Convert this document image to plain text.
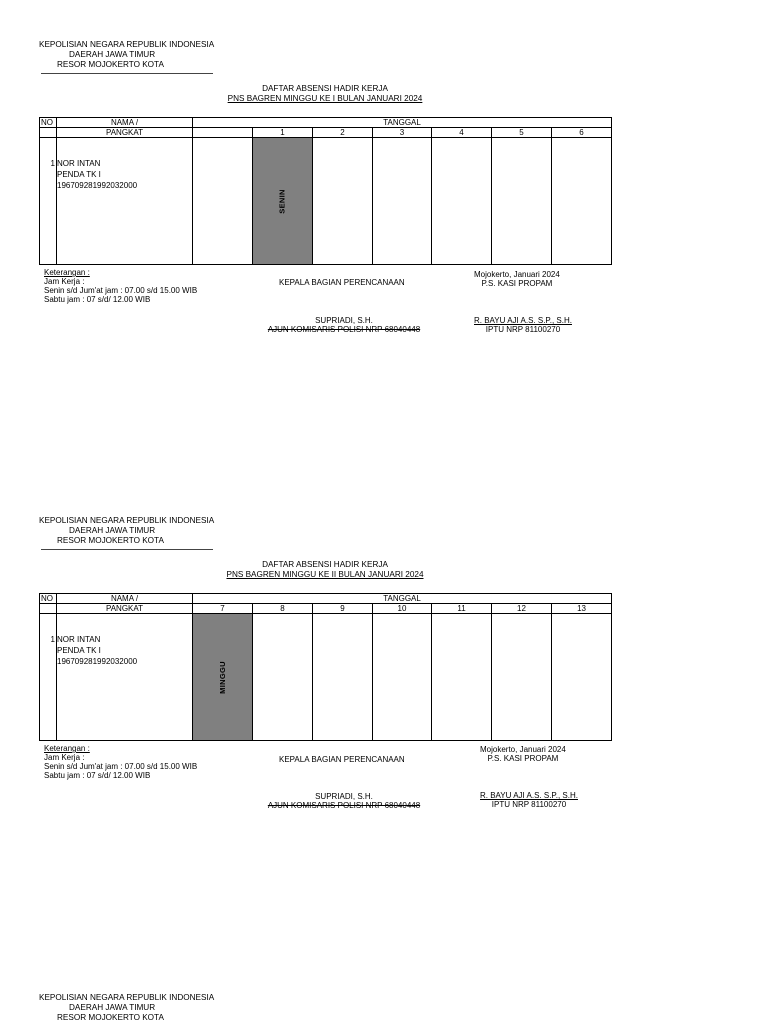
KEPOLISIAN NEGARA REPUBLIK INDONESIA
DAERAH JAWA TIMUR
RESOR MOJOKERTO KOTA
DAFTAR ABSENSI HADIR KERJA
PNS BAGREN MINGGU KE I BULAN JANUARI 2024
NO	NAMA /	TANGGAL						
	PANGKAT		1	2	3	4	5	6
1	NOR INTAN
PENDA TK I
196709281992032000		SENIN					
Keterangan :
Jam Kerja :
Senin s/d Jum'at jam : 07.00 s/d 15.00 WIB
Sabtu jam : 07 s/d/ 12.00 WIB
KEPALA BAGIAN PERENCANAAN
SUPRIADI, S.H.
AJUN KOMISARIS POLISI NRP 68040448
Mojokerto, Januari 2024
P.S. KASI PROPAM
R. BAYU AJI A.S. S.P., S.H.
IPTU NRP 81100270
KEPOLISIAN NEGARA REPUBLIK INDONESIA
DAERAH JAWA TIMUR
RESOR MOJOKERTO KOTA
DAFTAR ABSENSI HADIR KERJA
PNS BAGREN MINGGU KE II BULAN JANUARI 2024
NO	NAMA /	TANGGAL						
	PANGKAT	7	8	9	10	11	12	13
1	NOR INTAN
PENDA TK I
196709281992032000	MINGGU						
Keterangan :
Jam Kerja :
Senin s/d Jum'at jam : 07.00 s/d 15.00 WIB
Sabtu jam : 07 s/d/ 12.00 WIB
KEPALA BAGIAN PERENCANAAN
SUPRIADI, S.H.
AJUN KOMISARIS POLISI NRP 68040448
Mojokerto, Januari 2024
P.S. KASI PROPAM
R. BAYU AJI A.S. S.P., S.H.
IPTU NRP 81100270
KEPOLISIAN NEGARA REPUBLIK INDONESIA
DAERAH JAWA TIMUR
RESOR MOJOKERTO KOTA
